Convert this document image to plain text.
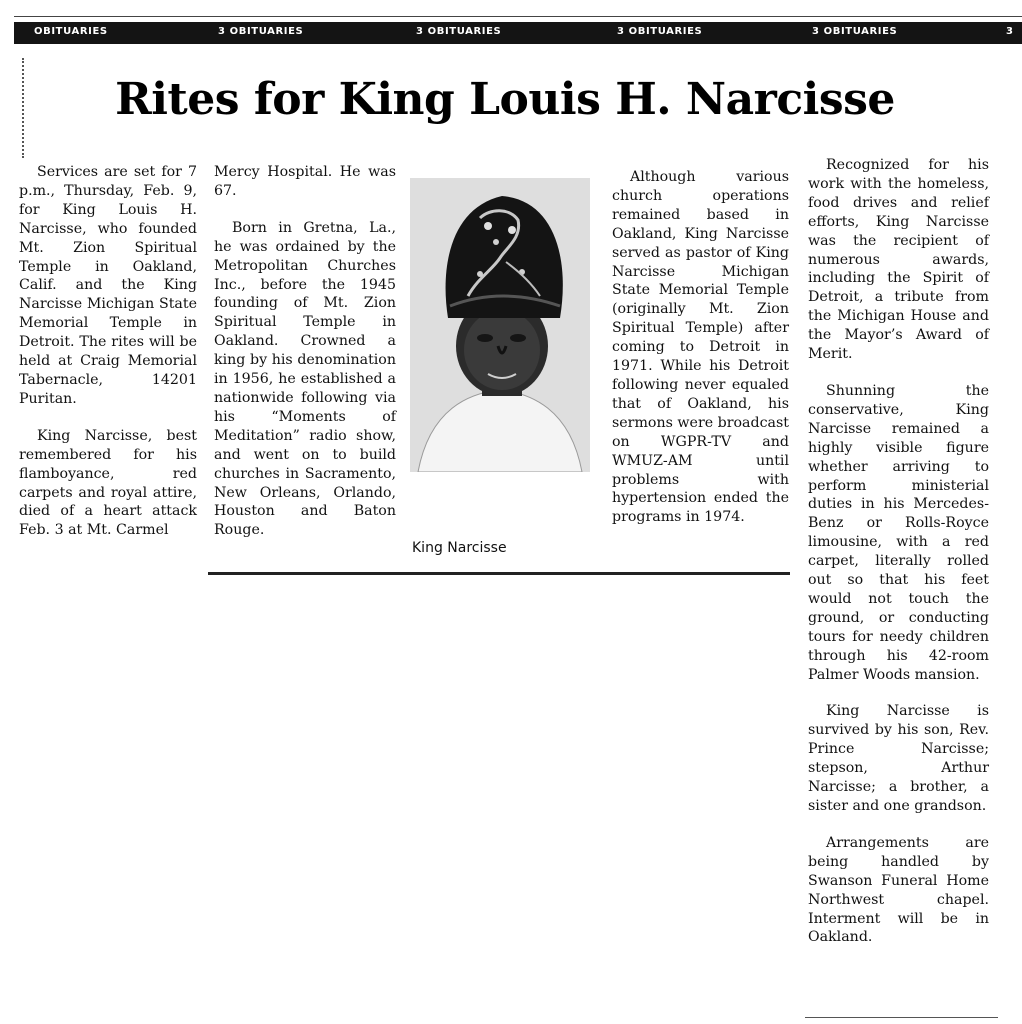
OBITUARIES	3 OBITUARIES	3 OBITUARIES	3 OBITUARIES	3 OBITUARIES	3
Rites for King Louis H. Narcisse

Services are set for 7 p.m., Thursday, Feb. 9, for King Louis H. Narcisse, who founded Mt. Zion Spiritual Temple in Oakland, Calif. and the King Narcisse Michigan State Memorial Temple in Detroit. The rites will be held at Craig Memorial Tabernacle, 14201 Puritan.

King Narcisse, best remembered for his flamboyance, red carpets and royal attire, died of a heart attack Feb. 3 at Mt. Carmel

Mercy Hospital. He was 67.

Born in Gretna, La., he was ordained by the Metropolitan Churches Inc., before the 1945 founding of Mt. Zion Spiritual Temple in Oakland. Crowned a king by his denomination in 1956, he established a nationwide following via his “Moments of Meditation” radio show, and went on to build churches in Sacramento, New Orleans, Orlando, Houston and Baton Rouge.

King Narcisse

Although various church operations remained based in Oakland, King Narcisse served as pastor of King Narcisse Michigan State Memorial Temple (originally Mt. Zion Spiritual Temple) after coming to Detroit in 1971. While his Detroit following never equaled that of Oakland, his sermons were broadcast on WGPR-TV and WMUZ-AM until problems with hypertension ended the programs in 1974.

Recognized for his work with the homeless, food drives and relief efforts, King Narcisse was the recipient of numerous awards, including the Spirit of Detroit, a tribute from the Michigan House and the Mayor’s Award of Merit.

Shunning the conservative, King Narcisse remained a highly visible figure whether arriving to perform ministerial duties in his Mercedes-Benz or Rolls-Royce limousine, with a red carpet, literally rolled out so that his feet would not touch the ground, or conducting tours for needy children through his 42-room Palmer Woods mansion.

King Narcisse is survived by his son, Rev. Prince Narcisse; stepson, Arthur Narcisse; a brother, a sister and one grandson.

Arrangements are being handled by Swanson Funeral Home Northwest chapel. Interment will be in Oakland.
